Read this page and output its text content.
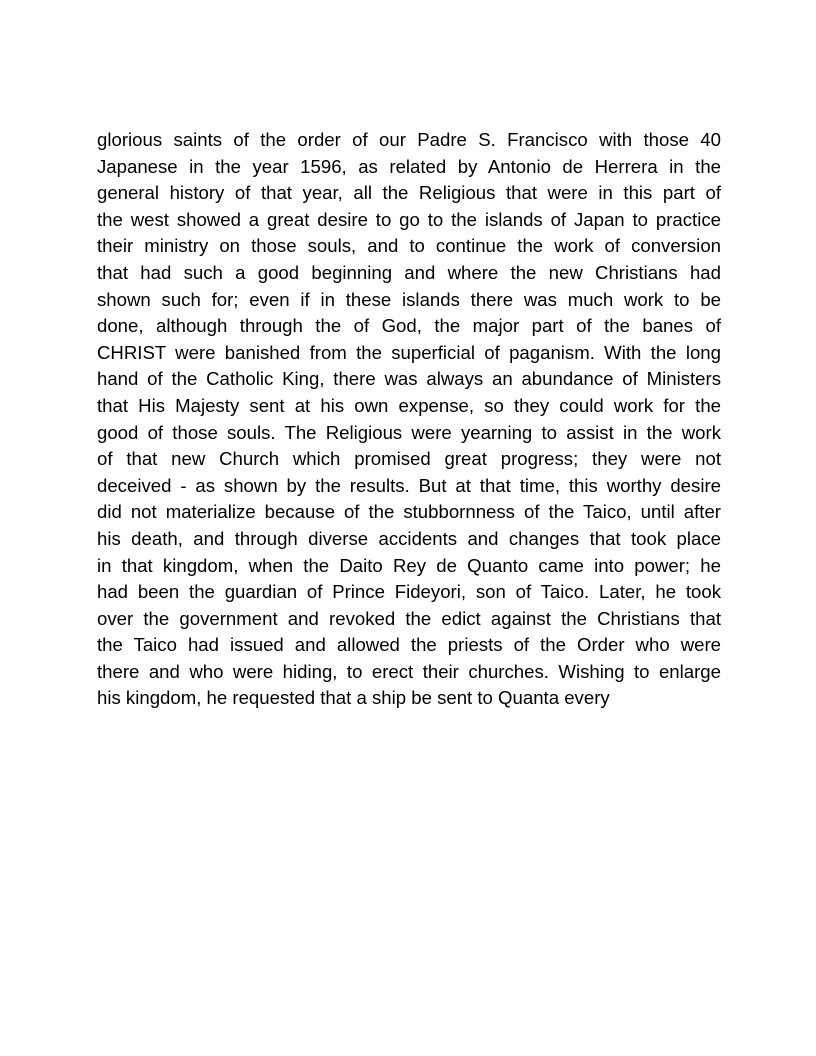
glorious saints of the order of our Padre S. Francisco with those 40
Japanese in the year 1596, as related by Antonio de Herrera in the
general history of that year, all the Religious that were in this part of
the west showed a great desire to go to the islands of Japan to practice
their ministry on those souls, and to continue the work of conversion
that had such a good beginning and where the new Christians had
shown such for; even if in these islands there was much work to be
done, although through the of God, the major part of the banes of
CHRIST were banished from the superficial of paganism. With the long
hand of the Catholic King, there was always an abundance of Ministers
that His Majesty sent at his own expense, so they could work for the
good of those souls. The Religious were yearning to assist in the work
of that new Church which promised great progress; they were not
deceived - as shown by the results. But at that time, this worthy desire
did not materialize because of the stubbornness of the Taico, until after
his death, and through diverse accidents and changes that took place
in that kingdom, when the Daito Rey de Quanto came into power; he
had been the guardian of Prince Fideyori, son of Taico. Later, he took
over the government and revoked the edict against the Christians that
the Taico had issued and allowed the priests of the Order who were
there and who were hiding, to erect their churches. Wishing to enlarge
his kingdom, he requested that a ship be sent to Quanta every
